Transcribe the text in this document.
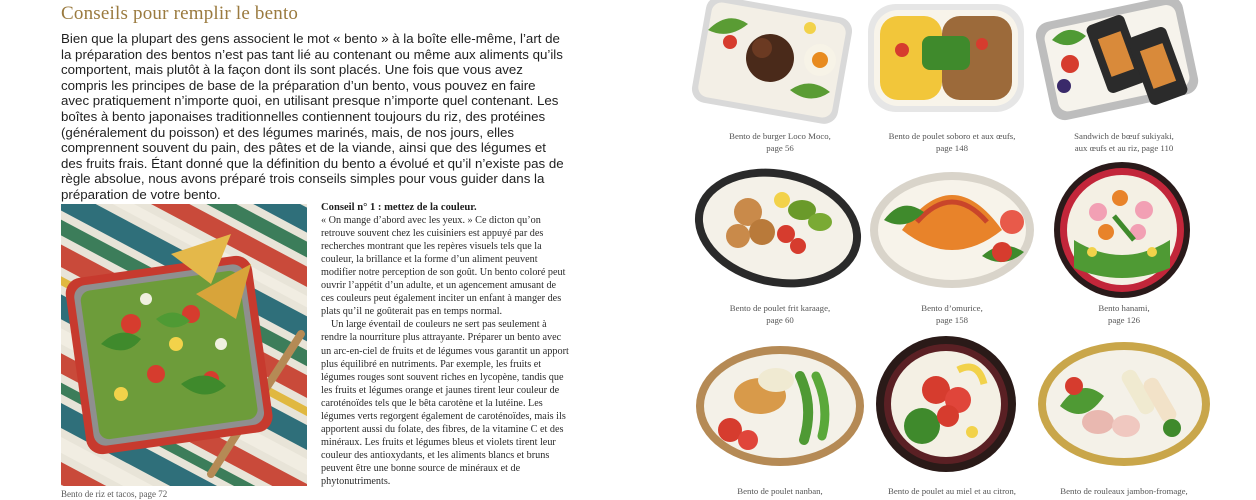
Conseils pour remplir le bento

Bien que la plupart des gens associent le mot « bento » à la boîte elle-même, l’art de la préparation des bentos n’est pas tant lié au contenant ou même aux aliments qu’ils comportent, mais plutôt à la façon dont ils sont placés. Une fois que vous avez compris les principes de base de la préparation d’un bento, vous pouvez en faire avec pratiquement n’importe quoi, en utilisant presque n’importe quel contenant. Les boîtes à bento japonaises traditionnelles contiennent toujours du riz, des protéines (généralement du poisson) et des légumes marinés, mais, de nos jours, elles comprennent souvent du pain, des pâtes et de la viande, ainsi que des légumes et des fruits frais. Étant donné que la définition du bento a évolué et qu’il n’existe pas de règle absolue, nous avons préparé trois conseils simples pour vous guider dans la préparation de votre bento.

Bento de riz et tacos, page 72

Conseil n° 1 : mettez de la couleur.

« On mange d’abord avec les yeux. » Ce dicton qu’on retrouve souvent chez les cuisiniers est appuyé par des recherches montrant que les repères visuels tels que la couleur, la brillance et la forme d’un aliment peuvent modifier notre perception de son goût. Un bento coloré peut ouvrir l’appétit d’un adulte, et un agencement amusant de ces couleurs peut également inciter un enfant à manger des plats qu’il ne goûterait pas en temps normal.

Un large éventail de couleurs ne sert pas seulement à rendre la nourriture plus attrayante. Préparer un bento avec un arc-en-ciel de fruits et de légumes vous garantit un apport plus équilibré en nutriments. Par exemple, les fruits et légumes rouges sont souvent riches en lycopène, tandis que les fruits et légumes orange et jaunes tirent leur couleur de caroténoïdes tels que le bêta carotène et la lutéine. Les légumes verts regorgent également de caroténoïdes, mais ils apportent aussi du folate, des fibres, de la vitamine C et des minéraux. Les fruits et légumes bleus et violets tirent leur couleur des antioxydants, et les aliments blancs et bruns peuvent être une bonne source de minéraux et de phytonutriments.

Bento de burger Loco Moco,
page 56

Bento de poulet soboro et aux œufs,
page 148

Sandwich de bœuf sukiyaki,
aux œufs et au riz, page 110

Bento de poulet frit karaage,
page 60

Bento d’omurice,
page 158

Bento hanami,
page 126

Bento de poulet nanban,	Bento de poulet au miel et au citron,	Bento de rouleaux jambon-fromage,
